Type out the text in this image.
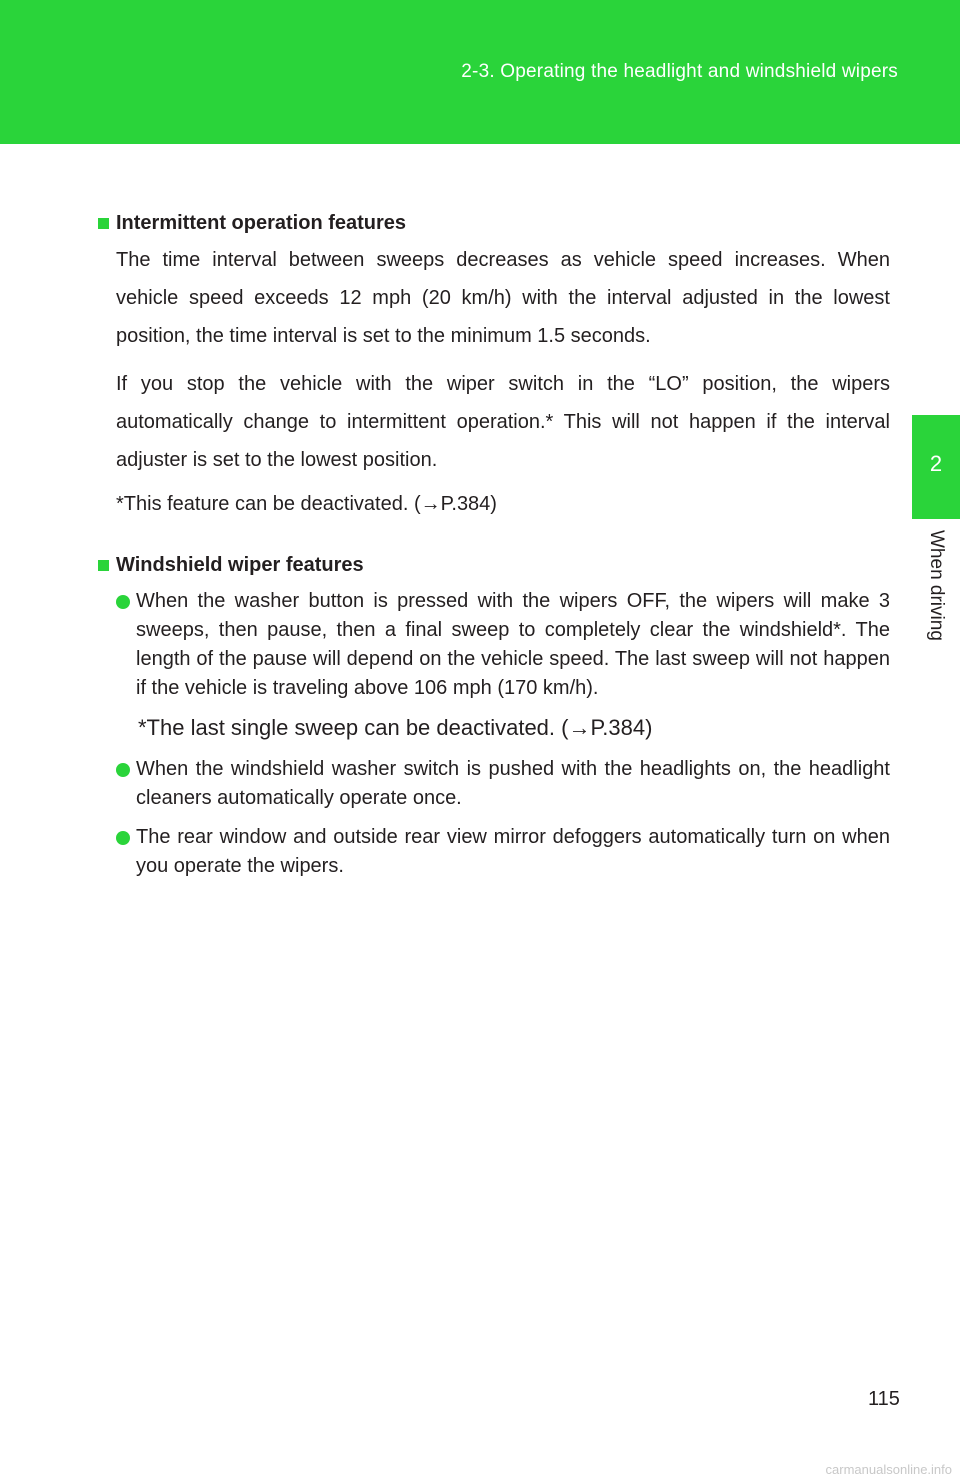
2-3. Operating the headlight and windshield wipers
2
When driving
Intermittent operation features

The time interval between sweeps decreases as vehicle speed increases. When vehicle speed exceeds 12 mph (20 km/h) with the interval adjusted in the lowest position, the time interval is set to the minimum 1.5 seconds.

If you stop the vehicle with the wiper switch in the “LO” position, the wipers automatically change to intermittent operation.* This will not happen if the interval adjuster is set to the lowest position.

*This feature can be deactivated. (→P.384)

Windshield wiper features
When the washer button is pressed with the wipers OFF, the wipers will make 3 sweeps, then pause, then a final sweep to completely clear the windshield*. The length of the pause will depend on the vehicle speed. The last sweep will not happen if the vehicle is traveling above 106 mph (170 km/h).
*The last single sweep can be deactivated. (→P.384)
When the windshield washer switch is pushed with the headlights on, the headlight cleaners automatically operate once.
The rear window and outside rear view mirror defoggers automatically turn on when you operate the wipers.
115
carmanualsonline.info
